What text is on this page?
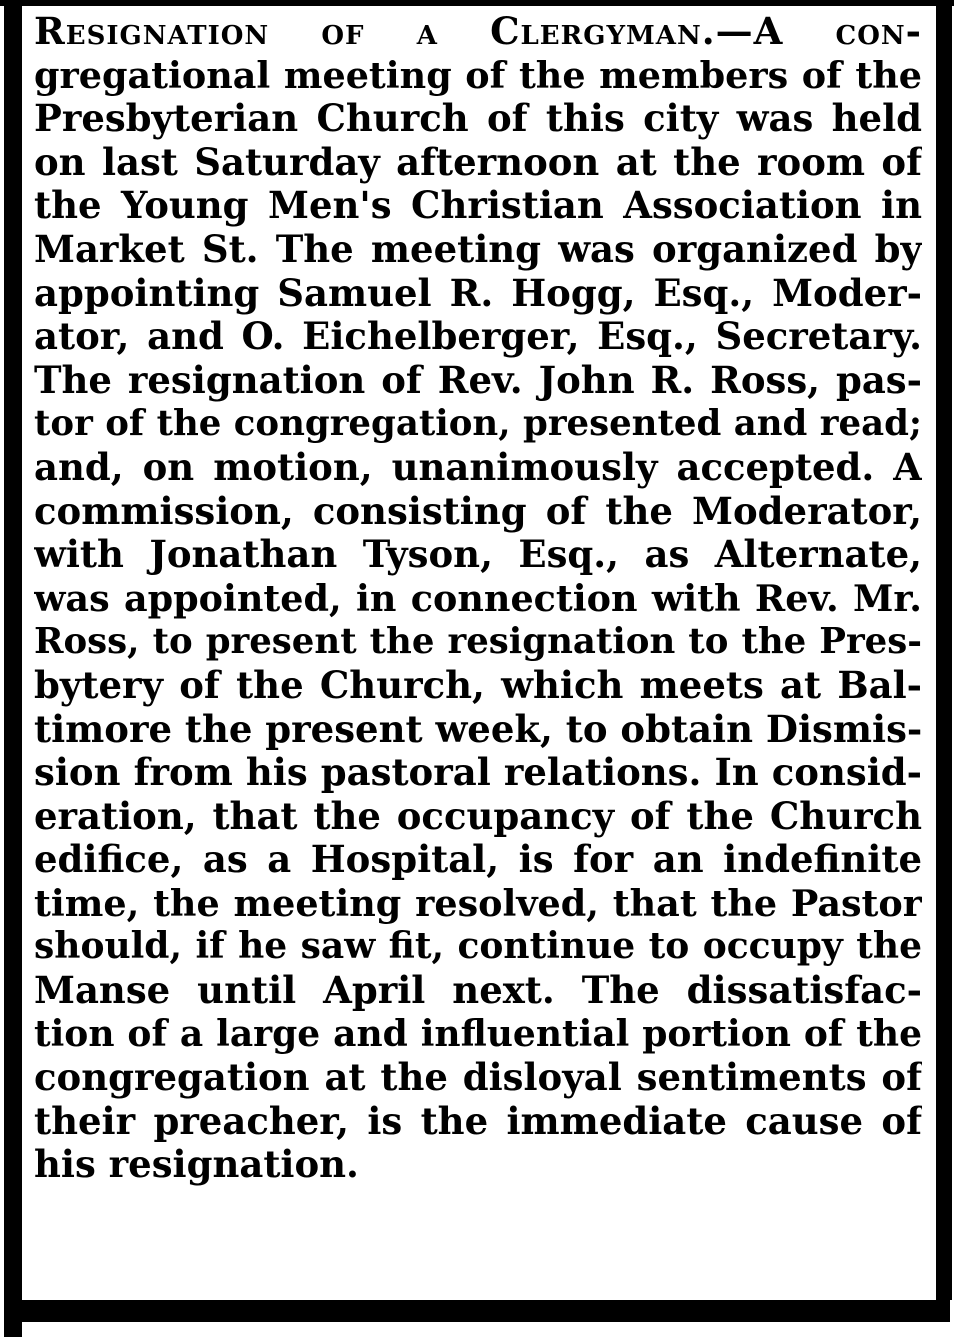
Resignation of a Clergyman.—A con-
gregational meeting of the members of the
Presbyterian Church of this city was held
on last Saturday afternoon at the room of
the Young Men's Christian Association in
Market St. The meeting was organized by
appointing Samuel R. Hogg, Esq., Moder-
ator, and O. Eichelberger, Esq., Secretary.
The resignation of Rev. John R. Ross, pas-
tor of the congregation, presented and read;
and, on motion, unanimously accepted. A
commission, consisting of the Moderator,
with Jonathan Tyson, Esq., as Alternate,
was appointed, in connection with Rev. Mr.
Ross, to present the resignation to the Pres-
bytery of the Church, which meets at Bal-
timore the present week, to obtain Dismis-
sion from his pastoral relations. In consid-
eration, that the occupancy of the Church
edifice, as a Hospital, is for an indefinite
time, the meeting resolved, that the Pastor
should, if he saw fit, continue to occupy the
Manse until April next. The dissatisfac-
tion of a large and influential portion of the
congregation at the disloyal sentiments of
their preacher, is the immediate cause of
his resignation.
